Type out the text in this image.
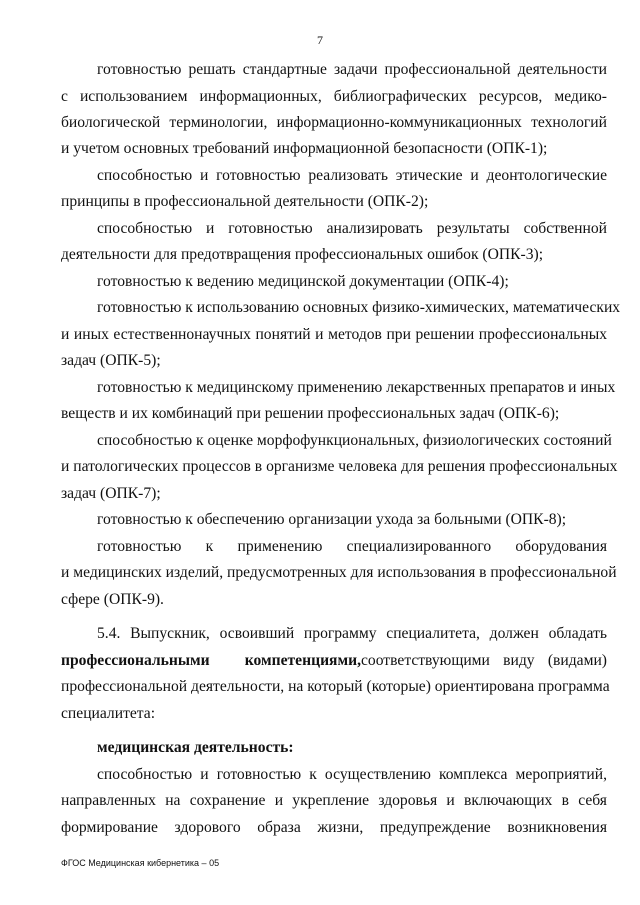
7
готовностью решать стандартные задачи профессиональной деятельности
с использованием информационных, библиографических ресурсов, медико-
биологической терминологии, информационно-коммуникационных технологий
и учетом основных требований информационной безопасности (ОПК-1);
способностью и готовностью реализовать этические и деонтологические
принципы в профессиональной деятельности (ОПК-2);
способностью и готовностью анализировать результаты собственной
деятельности для предотвращения профессиональных ошибок (ОПК-3);
готовностью к ведению медицинской документации (ОПК-4);
готовностью к использованию основных физико-химических, математических
и иных естественнонаучных понятий и методов при решении профессиональных
задач (ОПК-5);
готовностью к медицинскому применению лекарственных препаратов и иных
веществ и их комбинаций при решении профессиональных задач (ОПК-6);
способностью к оценке морфофункциональных, физиологических состояний
и патологических процессов в организме человека для решения профессиональных
задач (ОПК-7);
готовностью к обеспечению организации ухода за больными (ОПК-8);
готовностью к применению специализированного оборудования
и медицинских изделий, предусмотренных для использования в профессиональной
сфере (ОПК-9).
5.4. Выпускник, освоивший программу специалитета, должен обладать
профессиональными компетенциями,соответствующими виду (видами)
профессиональной деятельности, на который (которые) ориентирована программа
специалитета:
медицинская деятельность:
способностью и готовностью к осуществлению комплекса мероприятий,
направленных на сохранение и укрепление здоровья и включающих в себя
формирование здорового образа жизни, предупреждение возникновения
ФГОС Медицинская кибернетика – 05
